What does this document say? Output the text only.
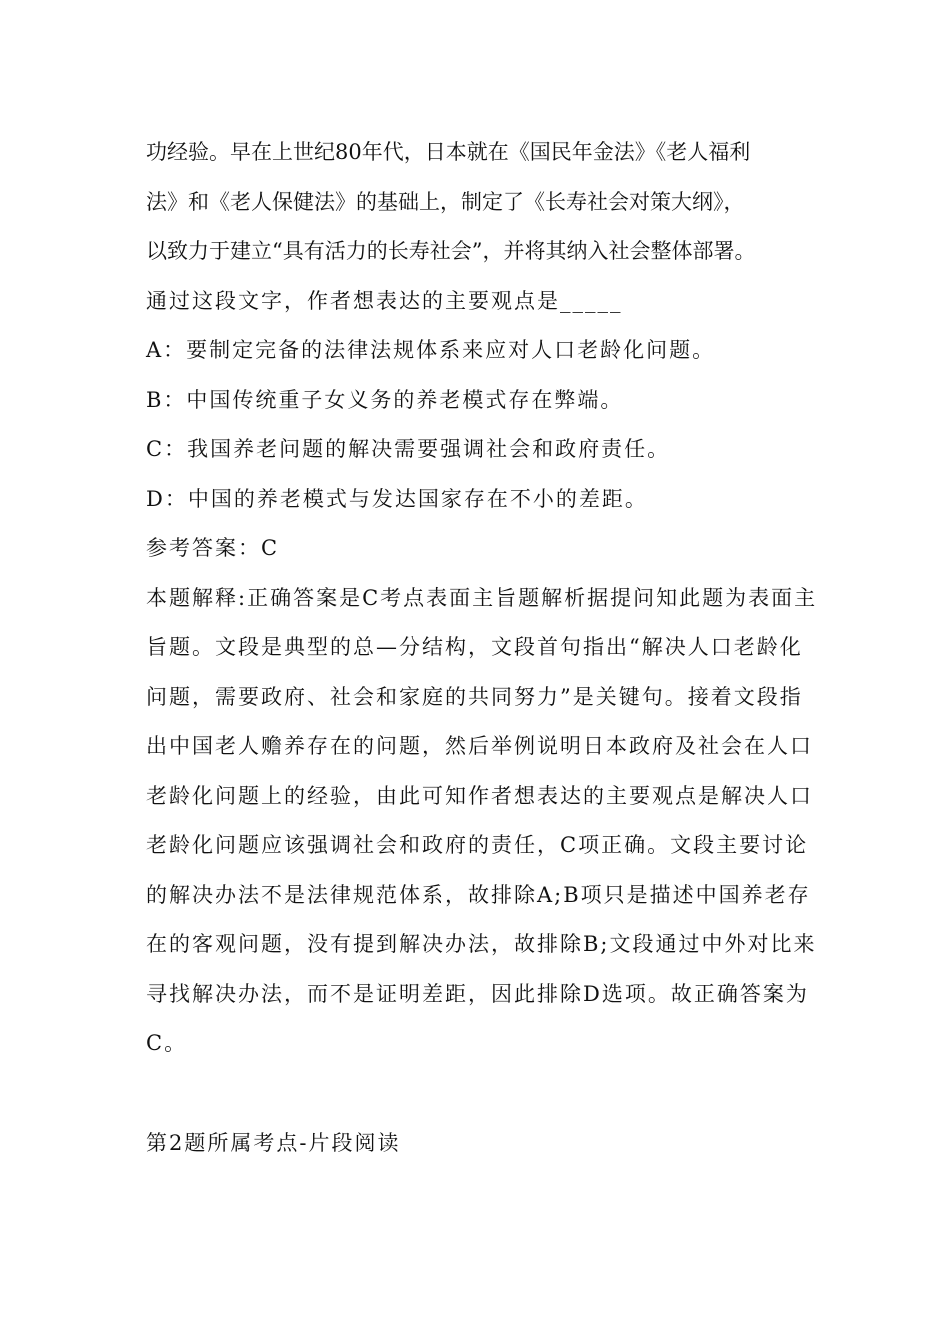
功经验。早在上世纪80年代，日本就在《国民年金法》《老人福利
法》和《老人保健法》的基础上，制定了《长寿社会对策大纲》，
以致力于建立“具有活力的长寿社会”，并将其纳入社会整体部署。
通过这段文字，作者想表达的主要观点是_____
A：要制定完备的法律法规体系来应对人口老龄化问题。
B：中国传统重子女义务的养老模式存在弊端。
C：我国养老问题的解决需要强调社会和政府责任。
D：中国的养老模式与发达国家存在不小的差距。
参考答案：C
本题解释:正确答案是C考点表面主旨题解析据提问知此题为表面主
旨题。文段是典型的总—分结构，文段首句指出“解决人口老龄化
问题，需要政府、社会和家庭的共同努力”是关键句。接着文段指
出中国老人赡养存在的问题，然后举例说明日本政府及社会在人口
老龄化问题上的经验，由此可知作者想表达的主要观点是解决人口
老龄化问题应该强调社会和政府的责任，C项正确。文段主要讨论
的解决办法不是法律规范体系，故排除A;B项只是描述中国养老存
在的客观问题，没有提到解决办法，故排除B;文段通过中外对比来
寻找解决办法，而不是证明差距，因此排除D选项。故正确答案为
C。
第2题所属考点-片段阅读
